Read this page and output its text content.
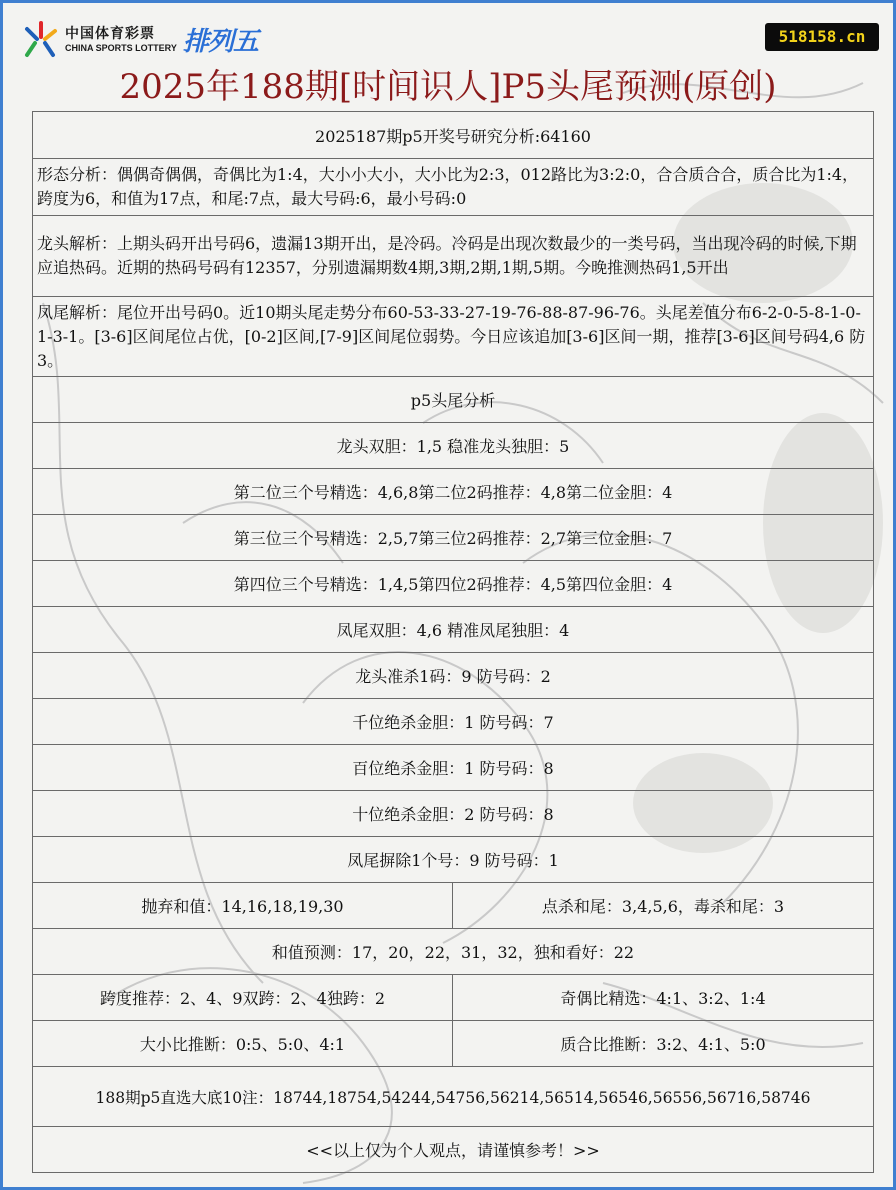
中国体育彩票
CHINA SPORTS LOTTERY 排列五	518158.cn
2025年188期[时间识人]P5头尾预测(原创)
2025187期p5开奖号研究分析:64160	
形态分析：偶偶奇偶偶，奇偶比为1:4，大小小大小，大小比为2:3，012路比为3:2:0，合合质合合，质合比为1:4，跨度为6，和值为17点，和尾:7点，最大号码:6，最小号码:0	
龙头解析：上期头码开出号码6，遗漏13期开出，是冷码。冷码是出现次数最少的一类号码，当出现冷码的时候,下期应追热码。近期的热码号码有12357，分别遗漏期数4期,3期,2期,1期,5期。今晚推测热码1,5开出	
凤尾解析：尾位开出号码0。近10期头尾走势分布60-53-33-27-19-76-88-87-96-76。头尾差值分布6-2-0-5-8-1-0-1-3-1。[3-6]区间尾位占优，[0-2]区间,[7-9]区间尾位弱势。今日应该追加[3-6]区间一期，推荐[3-6]区间号码4,6 防3。	
p5头尾分析	
龙头双胆：1,5 稳准龙头独胆：5	
第二位三个号精选：4,6,8第二位2码推荐：4,8第二位金胆：4	
第三位三个号精选：2,5,7第三位2码推荐：2,7第三位金胆：7	
第四位三个号精选：1,4,5第四位2码推荐：4,5第四位金胆：4	
凤尾双胆：4,6 精准凤尾独胆：4	
龙头准杀1码：9 防号码：2	
千位绝杀金胆：1 防号码：7	
百位绝杀金胆：1 防号码：8	
十位绝杀金胆：2 防号码：8	
凤尾摒除1个号：9 防号码：1	
抛弃和值：14,16,18,19,30	点杀和尾：3,4,5,6，毒杀和尾：3
和值预测：17，20，22，31，32，独和看好：22	
跨度推荐：2、4、9双跨：2、4独跨：2	奇偶比精选：4:1、3:2、1:4
大小比推断：0:5、5:0、4:1	质合比推断：3:2、4:1、5:0
188期p5直选大底10注：18744,18754,54244,54756,56214,56514,56546,56556,56716,58746	
<<以上仅为个人观点，请谨慎参考！>>	
